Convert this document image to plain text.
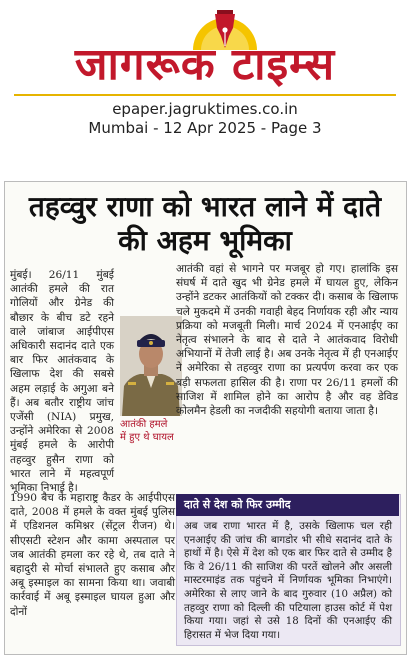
जागरूक टाइम्स
epaper.jagruktimes.co.in
Mumbai - 12 Apr 2025 - Page 3
तहव्वुर राणा को भारत लाने में दाते की अहम भूमिका
मुंबई। 26/11 मुंबई आतंकी हमले की रात गोलियों और ग्रेनेड की बौछार के बीच डटे रहने वाले जांबाज आईपीएस अधिकारी सदानंद दाते एक बार फिर आतंकवाद के खिलाफ देश की सबसे अहम लड़ाई के अगुआ बने हैं। अब बतौर राष्ट्रीय जांच एजेंसी (NIA) प्रमुख, उन्होंने अमेरिका से 2008 मुंबई हमले के आरोपी तहव्वुर हुसैन राणा को भारत लाने में महत्वपूर्ण भूमिका निभाई है।
आतंकी हमले में हुए थे घायल
आतंकी वहां से भागने पर मजबूर हो गए। हालांकि इस संघर्ष में दाते खुद भी ग्रेनेड हमले में घायल हुए, लेकिन उन्होंने डटकर आतंकियों को टक्कर दी। कसाब के खिलाफ चले मुकदमे में उनकी गवाही बेहद निर्णायक रही और न्याय प्रक्रिया को मजबूती मिली। मार्च 2024 में एनआईए का नेतृत्व संभालने के बाद से दाते ने आतंकवाद विरोधी अभियानों में तेजी लाई है। अब उनके नेतृत्व में ही एनआईए ने अमेरिका से तहव्वुर राणा का प्रत्यर्पण करवा कर एक बड़ी सफलता हासिल की है। राणा पर 26/11 हमलों की साजिश में शामिल होने का आरोप है और वह डेविड कोलमैन हेडली का नजदीकी सहयोगी बताया जाता है।
1990 बैच के महाराष्ट्र कैडर के आईपीएस दाते, 2008 में हमले के वक्त मुंबई पुलिस में एडिशनल कमिश्नर (सेंट्रल रीजन) थे। सीएसटी स्टेशन और कामा अस्पताल पर जब आतंकी हमला कर रहे थे, तब दाते ने बहादुरी से मोर्चा संभालते हुए कसाब और अबू इस्माइल का सामना किया था। जवाबी कार्रवाई में अबू इस्माइल घायल हुआ और दोनों
दाते से देश को फिर उम्मीद
अब जब राणा भारत में है, उसके खिलाफ चल रही एनआईए की जांच की बागडोर भी सीधे सदानंद दाते के हाथों में है। ऐसे में देश को एक बार फिर दाते से उम्मीद है कि वे 26/11 की साजिश की परतें खोलने और असली मास्टरमाइंड तक पहुंचने में निर्णायक भूमिका निभाएंगे। अमेरिका से लाए जाने के बाद गुरुवार (10 अप्रैल) को तहव्वुर राणा को दिल्ली की पटियाला हाउस कोर्ट में पेश किया गया। जहां से उसे 18 दिनों की एनआईए की हिरासत में भेज दिया गया।
